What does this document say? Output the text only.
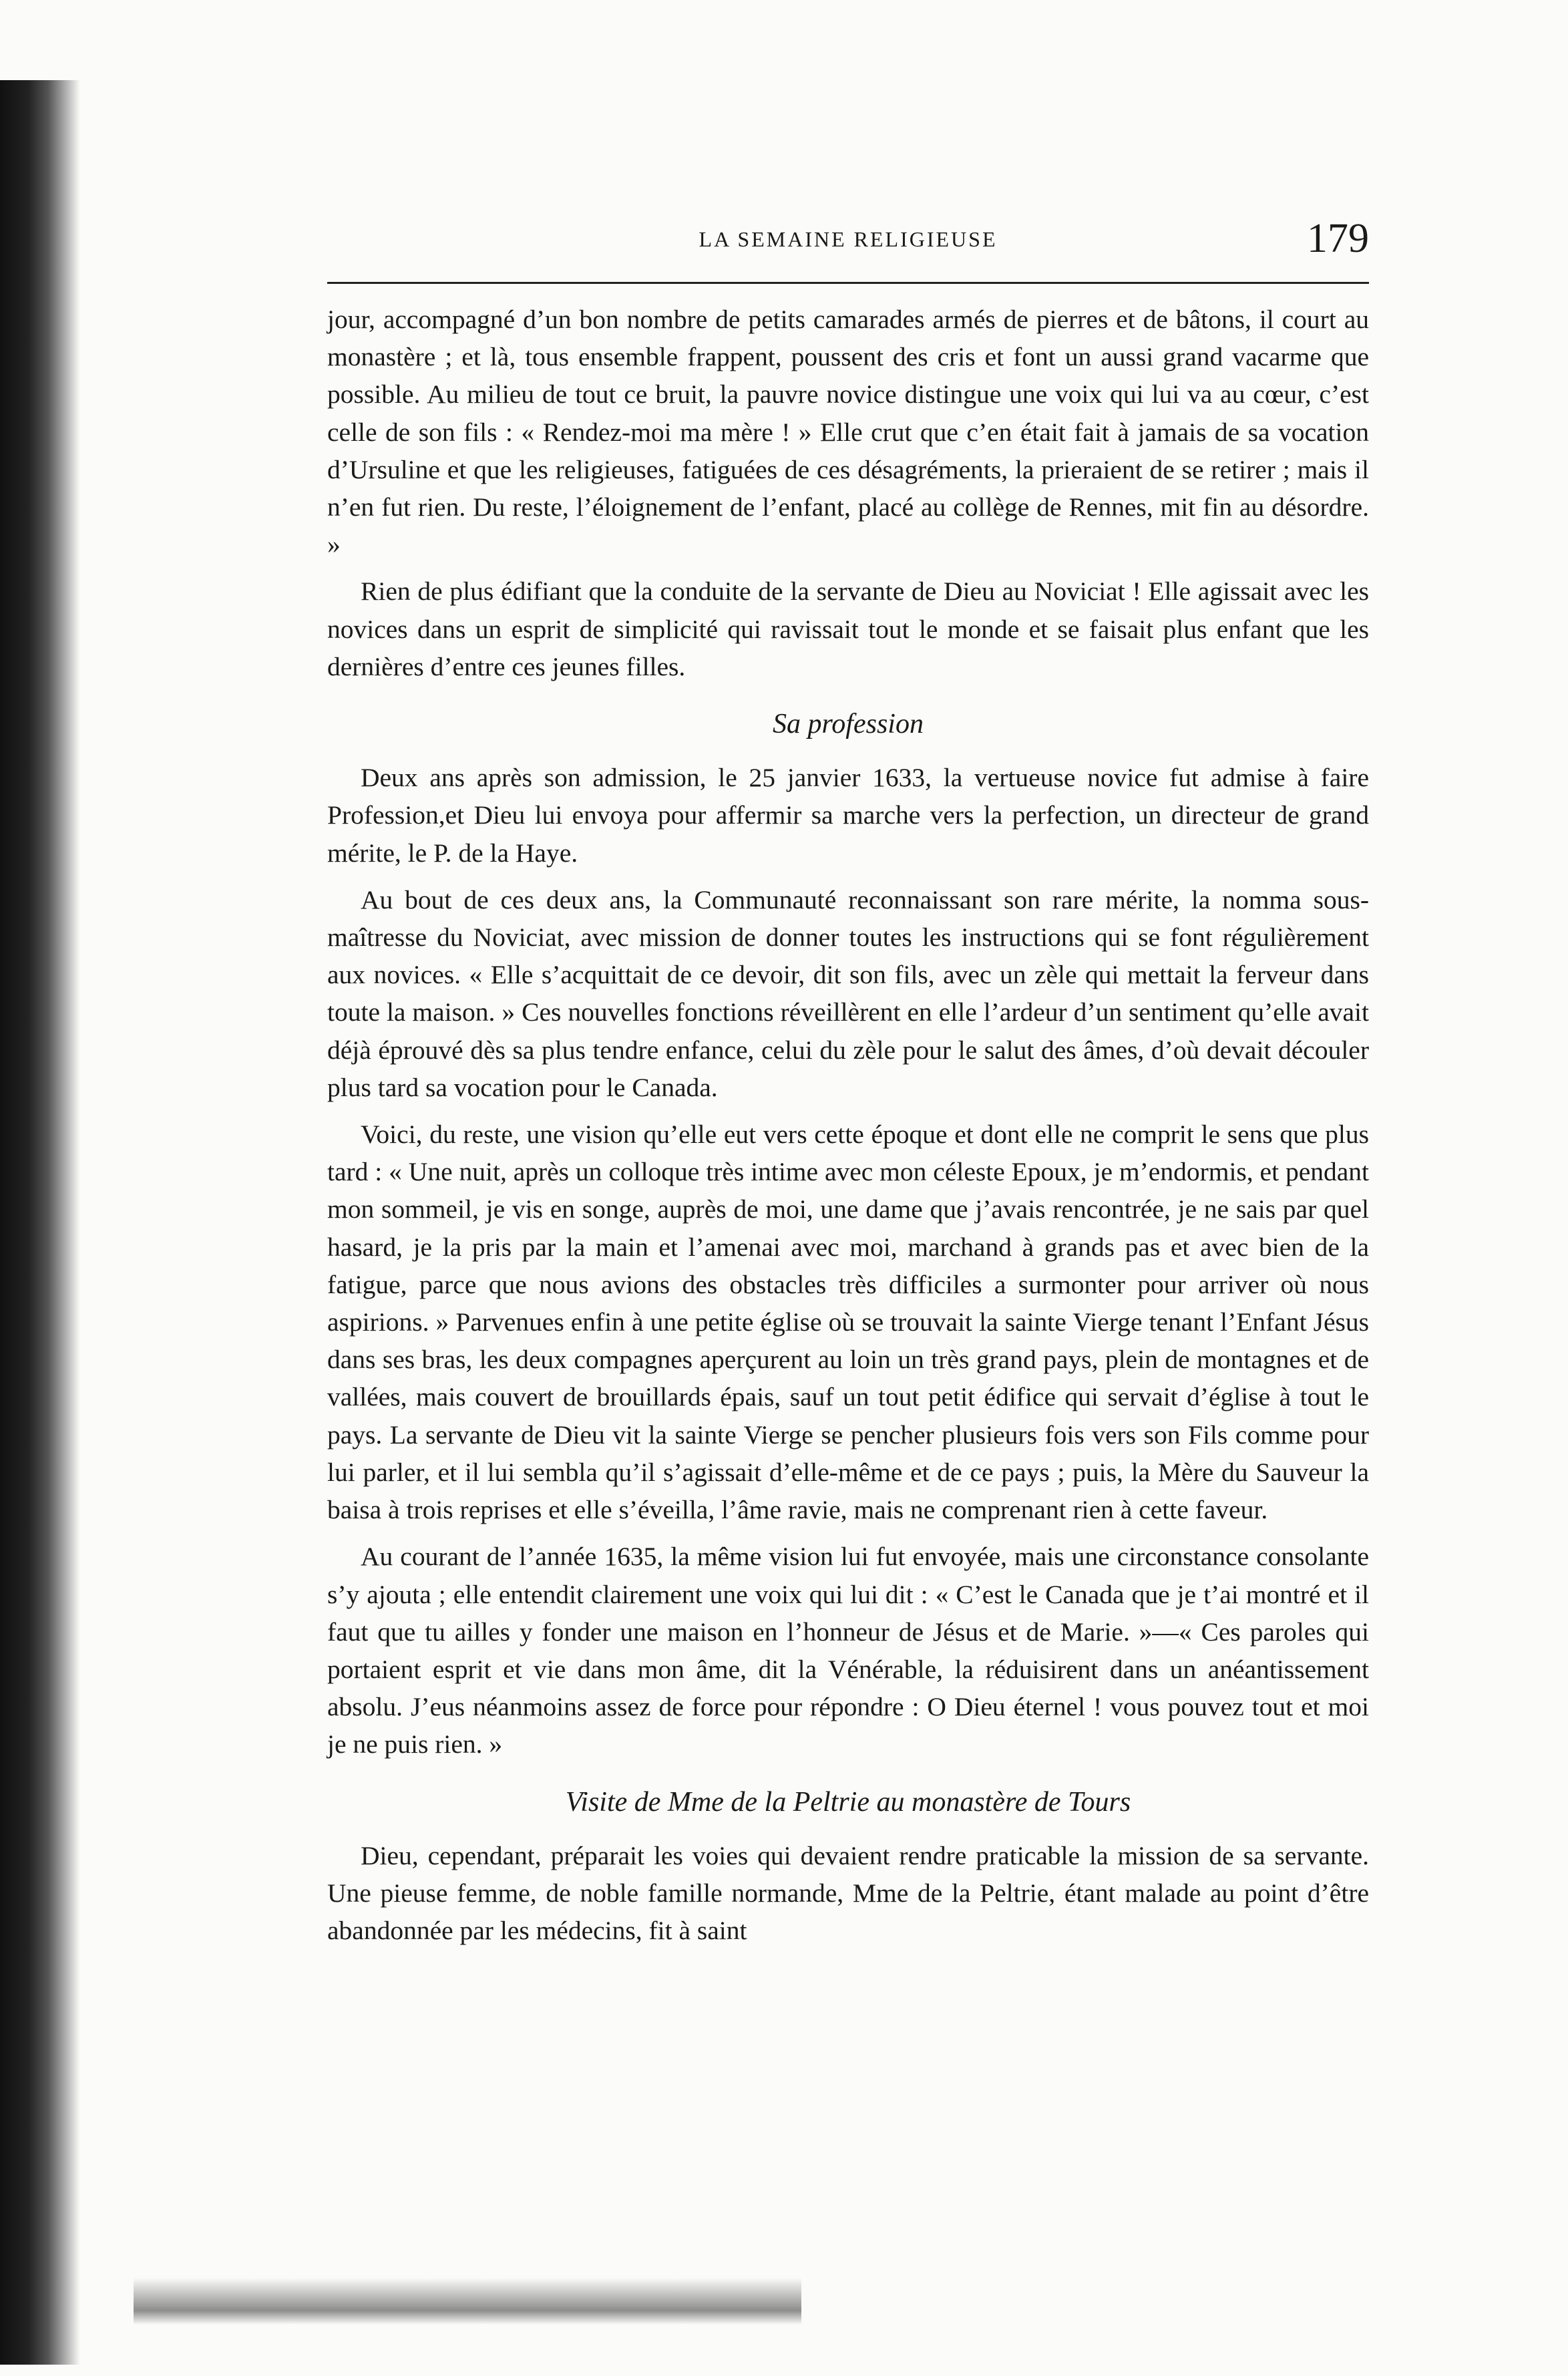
LA SEMAINE RELIGIEUSE	179

jour, accompagné d’un bon nombre de petits camarades armés de pierres et de bâtons, il court au monastère ; et là, tous ensemble frappent, poussent des cris et font un aussi grand vacarme que possible. Au milieu de tout ce bruit, la pauvre novice distingue une voix qui lui va au cœur, c’est celle de son fils : « Rendez-moi ma mère ! » Elle crut que c’en était fait à jamais de sa vocation d’Ursuline et que les religieuses, fatiguées de ces désagréments, la prieraient de se retirer ; mais il n’en fut rien. Du reste, l’éloignement de l’enfant, placé au collège de Rennes, mit fin au désordre. »

Rien de plus édifiant que la conduite de la servante de Dieu au Noviciat ! Elle agissait avec les novices dans un esprit de simplicité qui ravissait tout le monde et se faisait plus enfant que les dernières d’entre ces jeunes filles.

Sa profession

Deux ans après son admission, le 25 janvier 1633, la vertueuse novice fut admise à faire Profession,et Dieu lui envoya pour affermir sa marche vers la perfection, un directeur de grand mérite, le P. de la Haye.

Au bout de ces deux ans, la Communauté reconnaissant son rare mérite, la nomma sous-maîtresse du Noviciat, avec mission de donner toutes les instructions qui se font régulièrement aux novices. « Elle s’acquittait de ce devoir, dit son fils, avec un zèle qui mettait la ferveur dans toute la maison. » Ces nouvelles fonctions réveillèrent en elle l’ardeur d’un sentiment qu’elle avait déjà éprouvé dès sa plus tendre enfance, celui du zèle pour le salut des âmes, d’où devait découler plus tard sa vocation pour le Canada.

Voici, du reste, une vision qu’elle eut vers cette époque et dont elle ne comprit le sens que plus tard : « Une nuit, après un colloque très intime avec mon céleste Epoux, je m’endormis, et pendant mon sommeil, je vis en songe, auprès de moi, une dame que j’avais rencontrée, je ne sais par quel hasard, je la pris par la main et l’amenai avec moi, marchand à grands pas et avec bien de la fatigue, parce que nous avions des obstacles très difficiles a surmonter pour arriver où nous aspirions. » Parvenues enfin à une petite église où se trouvait la sainte Vierge tenant l’Enfant Jésus dans ses bras, les deux compagnes aperçurent au loin un très grand pays, plein de montagnes et de vallées, mais couvert de brouillards épais, sauf un tout petit édifice qui servait d’église à tout le pays. La servante de Dieu vit la sainte Vierge se pencher plusieurs fois vers son Fils comme pour lui parler, et il lui sembla qu’il s’agissait d’elle-même et de ce pays ; puis, la Mère du Sauveur la baisa à trois reprises et elle s’éveilla, l’âme ravie, mais ne comprenant rien à cette faveur.

Au courant de l’année 1635, la même vision lui fut envoyée, mais une circonstance consolante s’y ajouta ; elle entendit clairement une voix qui lui dit : « C’est le Canada que je t’ai montré et il faut que tu ailles y fonder une maison en l’honneur de Jésus et de Marie. »—« Ces paroles qui portaient esprit et vie dans mon âme, dit la Vénérable, la réduisirent dans un anéantissement absolu. J’eus néanmoins assez de force pour répondre : O Dieu éternel ! vous pouvez tout et moi je ne puis rien. »

Visite de Mme de la Peltrie au monastère de Tours

Dieu, cependant, préparait les voies qui devaient rendre praticable la mission de sa servante. Une pieuse femme, de noble famille normande, Mme de la Peltrie, étant malade au point d’être abandonnée par les médecins, fit à saint
